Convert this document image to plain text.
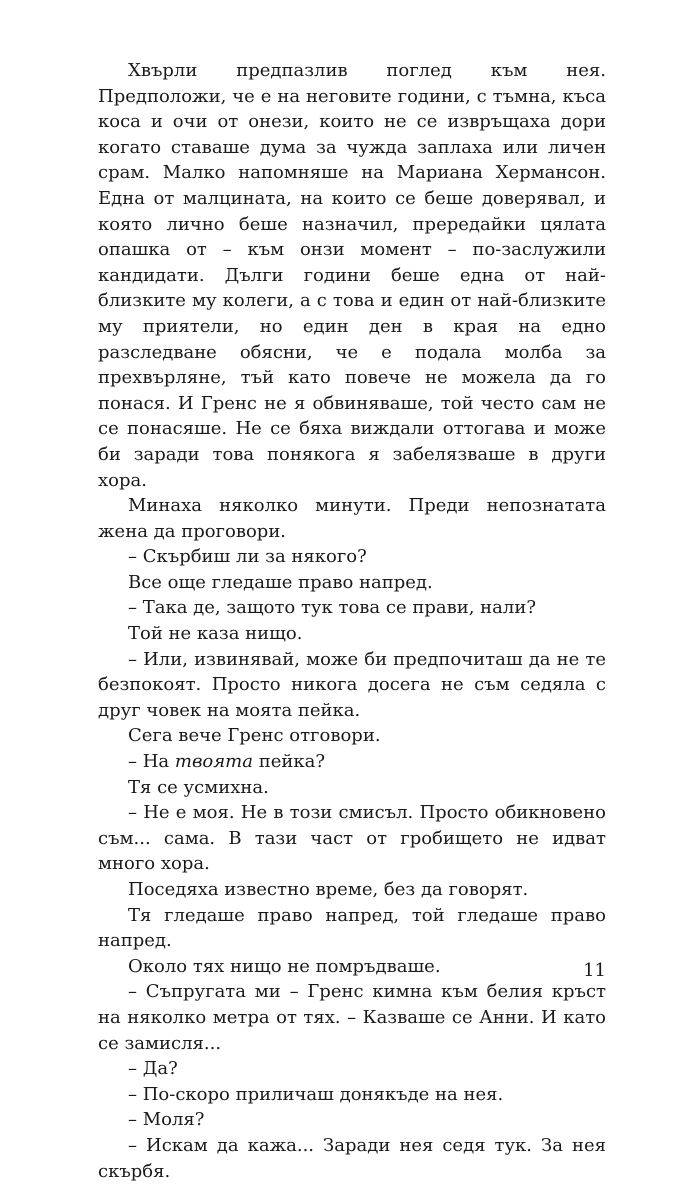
Хвърли предпазлив поглед към нея. Предположи, че е на неговите години, с тъмна, къса коса и очи от онези, които не се извръщаха дори когато ставаше дума за чужда заплаха или личен срам. Малко напомняше на Мариана Хермансон. Една от малцината, на които се беше доверявал, и която лично беше назначил, прередайки цялата опашка от – към онзи момент – по-заслужили кандидати. Дълги години беше една от най-близките му колеги, а с това и един от най-близките му приятели, но един ден в края на едно разследване обясни, че е подала молба за прехвърляне, тъй като повече не можела да го понася. И Гренс не я обвиняваше, той често сам не се понасяше. Не се бяха виждали оттогава и може би заради това понякога я забелязваше в други хора.

Минаха няколко минути. Преди непознатата жена да проговори.

– Скърбиш ли за някого?

Все още гледаше право напред.

– Така де, защото тук това се прави, нали?

Той не каза нищо.

– Или, извинявай, може би предпочиташ да не те безпокоят. Просто никога досега не съм седяла с друг човек на моята пейка.

Сега вече Гренс отговори.

– На твоята пейка?

Тя се усмихна.

– Не е моя. Не в този смисъл. Просто обикновено съм... сама. В тази част от гробището не идват много хора.

Поседяха известно време, без да говорят.

Тя гледаше право напред, той гледаше право напред.

Около тях нищо не помръдваше.

– Съпругата ми – Гренс кимна към белия кръст на няколко метра от тях. – Казваше се Анни. И като се замисля...

– Да?

– По-скоро приличаш донякъде на нея.

– Моля?

– Искам да кажа... Заради нея седя тук. За нея скърбя.

11
